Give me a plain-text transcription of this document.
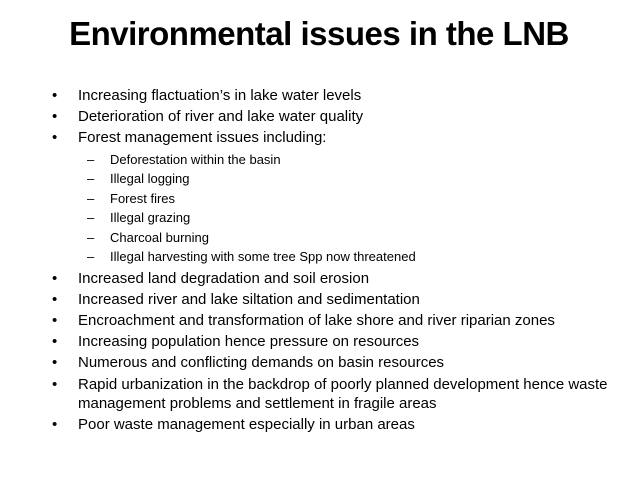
Environmental issues in the LNB
•	Increasing flactuation’s in lake water levels
•	Deterioration of river and lake water quality
•	Forest management issues including:
– Deforestation within the basin
– Illegal logging
– Forest fires
– Illegal grazing
– Charcoal burning
– Illegal harvesting with some tree Spp now threatened
•	Increased land degradation and soil erosion
•	Increased river and lake siltation and sedimentation
•	Encroachment and transformation of lake shore and river riparian zones
•	Increasing population hence pressure on resources
•	Numerous and conflicting demands on basin resources
•	Rapid urbanization in the backdrop of poorly planned development hence waste management problems and settlement in fragile areas
•	Poor waste management especially in urban areas
